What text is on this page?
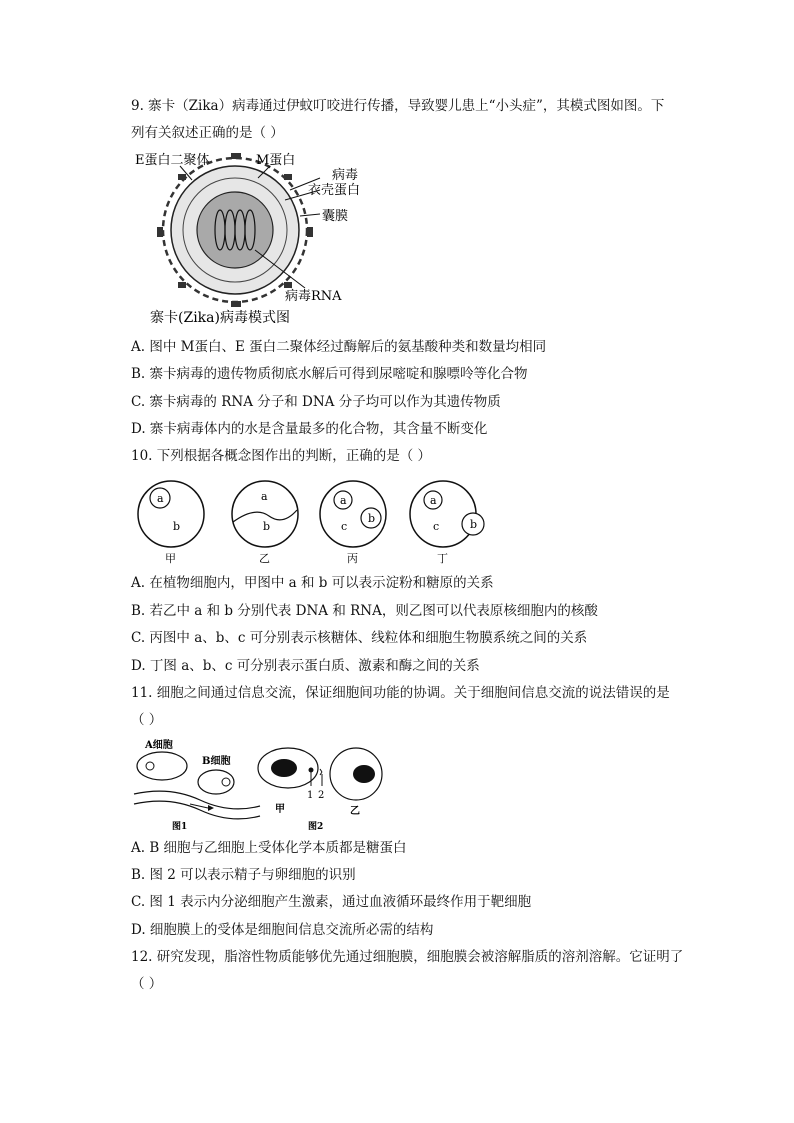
9. 寨卡（Zika）病毒通过伊蚊叮咬进行传播，导致婴儿患上“小头症”，其模式图如图。下
列有关叙述正确的是（ ）
E蛋白二聚体	M蛋白
病毒
衣壳蛋白
囊膜
病毒RNA
寨卡(Zika)病毒模式图
A. 图中 M蛋白、E 蛋白二聚体经过酶解后的氨基酸种类和数量均相同
B. 寨卡病毒的遗传物质彻底水解后可得到尿嘧啶和腺嘌呤等化合物
C. 寨卡病毒的 RNA 分子和 DNA 分子均可以作为其遗传物质
D. 寨卡病毒体内的水是含量最多的化合物，其含量不断变化
10. 下列根据各概念图作出的判断，正确的是（ ）
a
b
甲
a
b
乙
a
b
c
丙
a
b
c
丁
A. 在植物细胞内，甲图中 a 和 b 可以表示淀粉和糖原的关系
B. 若乙中 a 和 b 分别代表 DNA 和 RNA，则乙图可以代表原核细胞内的核酸
C. 丙图中 a、b、c 可分别表示核糖体、线粒体和细胞生物膜系统之间的关系
D. 丁图 a、b、c 可分别表示蛋白质、激素和酶之间的关系
11. 细胞之间通过信息交流，保证细胞间功能的协调。关于细胞间信息交流的说法错误的是
（ ）
A细胞
B细胞
图1
甲
1 2
乙
图2
A. B 细胞与乙细胞上受体化学本质都是糖蛋白
B. 图 2 可以表示精子与卵细胞的识别
C. 图 1 表示内分泌细胞产生激素，通过血液循环最终作用于靶细胞
D. 细胞膜上的受体是细胞间信息交流所必需的结构
12. 研究发现，脂溶性物质能够优先通过细胞膜，细胞膜会被溶解脂质的溶剂溶解。它证明了
（ ）
